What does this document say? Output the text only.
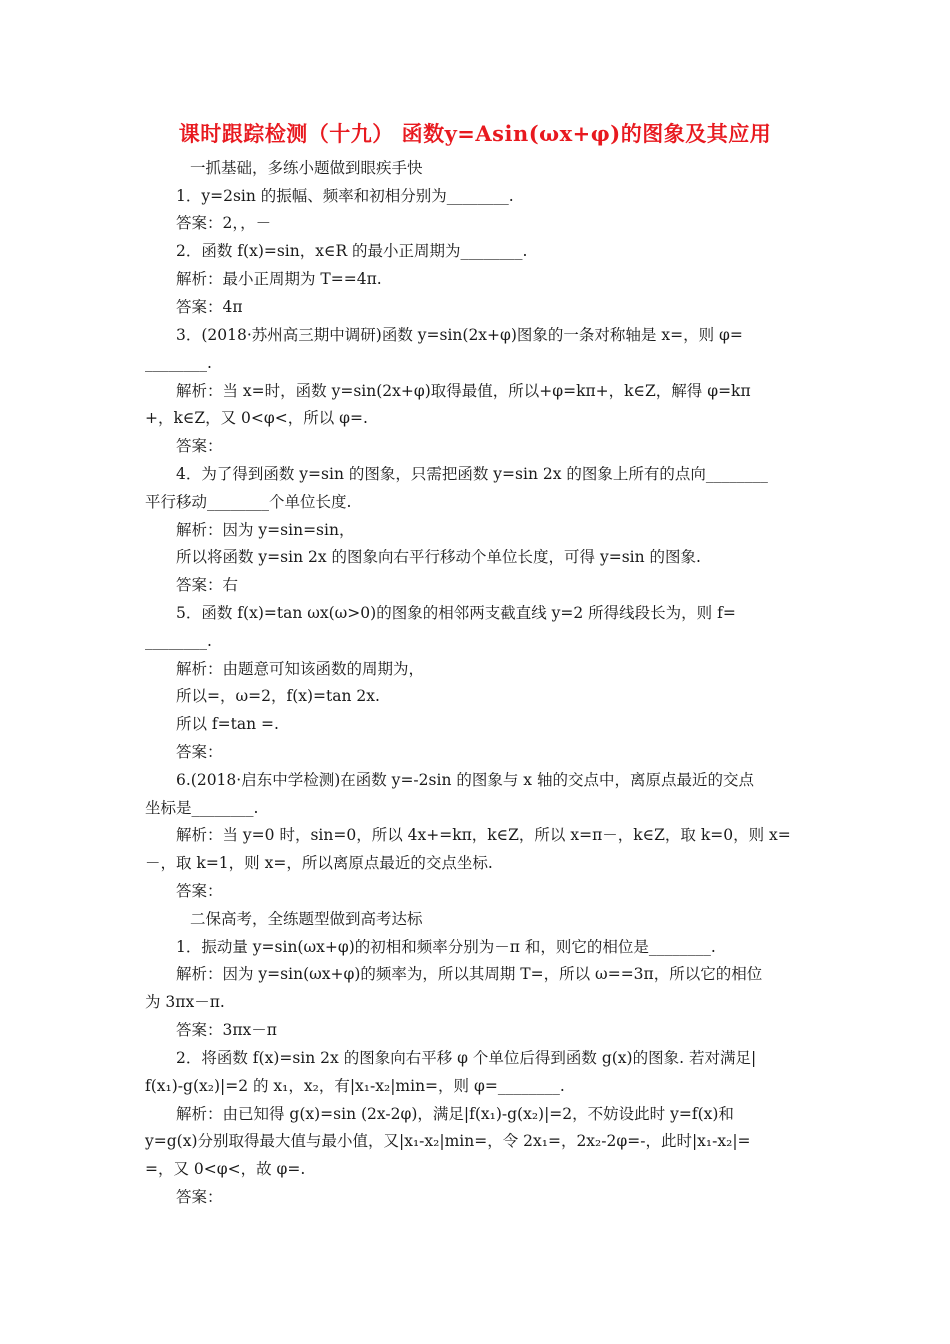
课时跟踪检测（十九） 函数y=Asin(ωx+φ)的图象及其应用
一抓基础，多练小题做到眼疾手快
1．y=2sin 的振幅、频率和初相分别为________.
答案：2，，－
2．函数 f(x)=sin，x∈R 的最小正周期为________.
解析：最小正周期为 T==4π.
答案：4π
3．(2018·苏州高三期中调研)函数 y=sin(2x+φ)图象的一条对称轴是 x=，则 φ=
________.
解析：当 x=时，函数 y=sin(2x+φ)取得最值，所以+φ=kπ+，k∈Z，解得 φ=kπ
+，k∈Z，又 0<φ<，所以 φ=.
答案：
4．为了得到函数 y=sin 的图象，只需把函数 y=sin 2x 的图象上所有的点向________
平行移动________个单位长度.
解析：因为 y=sin=sin，
所以将函数 y=sin 2x 的图象向右平行移动个单位长度，可得 y=sin 的图象.
答案：右
5．函数 f(x)=tan ωx(ω>0)的图象的相邻两支截直线 y=2 所得线段长为，则 f=
________.
解析：由题意可知该函数的周期为，
所以=，ω=2，f(x)=tan 2x.
所以 f=tan =.
答案：
6.(2018·启东中学检测)在函数 y=-2sin 的图象与 x 轴的交点中，离原点最近的交点
坐标是________.
解析：当 y=0 时，sin=0，所以 4x+=kπ，k∈Z，所以 x=π－，k∈Z，取 k=0，则 x=
－，取 k=1，则 x=，所以离原点最近的交点坐标.
答案：
二保高考，全练题型做到高考达标
1．振动量 y=sin(ωx+φ)的初相和频率分别为－π 和，则它的相位是________.
解析：因为 y=sin(ωx+φ)的频率为，所以其周期 T=，所以 ω==3π，所以它的相位
为 3πx－π.
答案：3πx－π
2．将函数 f(x)=sin 2x 的图象向右平移 φ 个单位后得到函数 g(x)的图象. 若对满足|
f(x₁)-g(x₂)|=2 的 x₁，x₂，有|x₁-x₂|min=，则 φ=________.
解析：由已知得 g(x)=sin (2x-2φ)，满足|f(x₁)-g(x₂)|=2，不妨设此时 y=f(x)和
y=g(x)分别取得最大值与最小值，又|x₁-x₂|min=，令 2x₁=，2x₂-2φ=-，此时|x₁-x₂|=
=，又 0<φ<，故 φ=.
答案：
